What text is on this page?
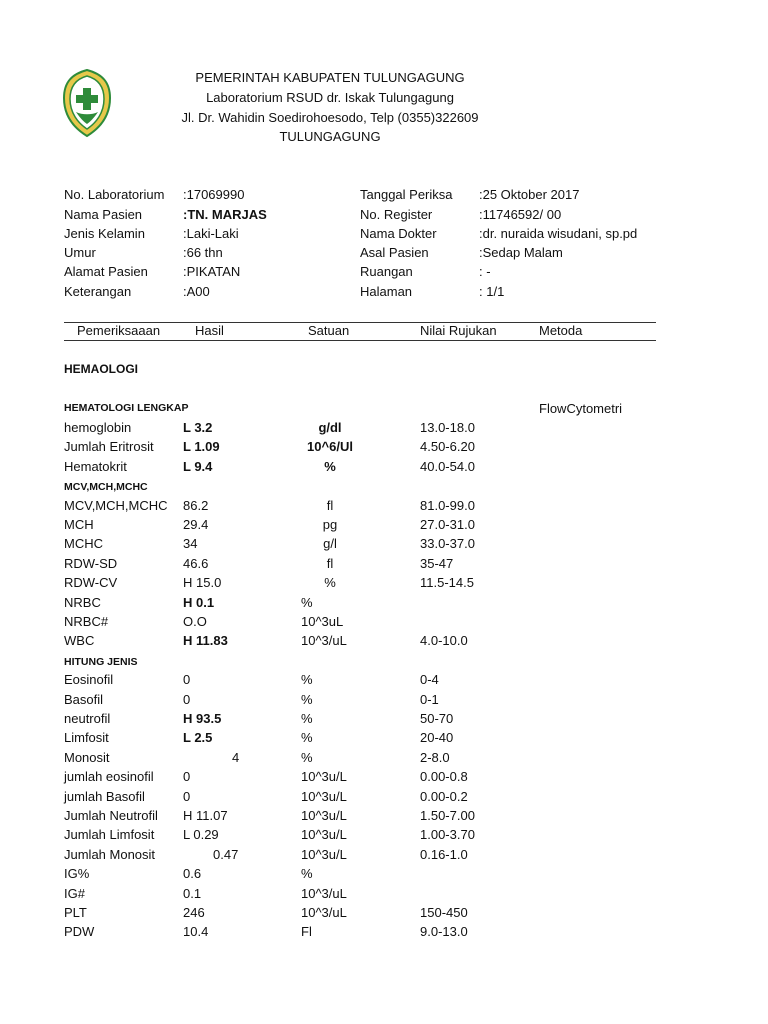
PEMERINTAH KABUPATEN TULUNGAGUNG
Laboratorium RSUD dr. Iskak Tulungagung
Jl. Dr. Wahidin Soedirohoesodo, Telp (0355)322609
TULUNGAGUNG
No. Laboratorium :17069990
Nama Pasien	:TN. MARJAS
Jenis Kelamin	:Laki-Laki
Umur	:66 thn
Alamat Pasien	:PIKATAN
Keterangan	:A00
Tanggal Periksa :25 Oktober 2017
No. Register	:11746592/ 00
Nama Dokter	:dr. nuraida wisudani, sp.pd
Asal Pasien	:Sedap Malam
Ruangan	: -
Halaman	: 1/1
Pemeriksaaan	Hasil	Satuan	Nilai Rujukan	Metoda
HEMAOLOGI
HEMATOLOGI LENGKAP	FlowCytometri
hemoglobin	L 3.2	g/dl	13.0-18.0
Jumlah Eritrosit L 1.09	10^6/Ul	4.50-6.20
Hematokrit	L 9.4	%	40.0-54.0
MCV,MCH,MCHC
MCV,MCH,MCHC 86.2	fl	81.0-99.0
MCH	29.4	pg	27.0-31.0
MCHC	34	g/l	33.0-37.0
RDW-SD	46.6	fl	35-47
RDW-CV	H 15.0	%	11.5-14.5
NRBC	H 0.1	%
NRBC#	O.O	10^3uL
WBC	H 11.83	10^3/uL	4.0-10.0
HITUNG JENIS
Eosinofil	0	%	0-4
Basofil	0	%	0-1
neutrofil	H 93.5	%	50-70
Limfosit	L 2.5	%	20-40
Monosit	4	%	2-8.0
jumlah eosinofil 0	10^3u/L	0.00-0.8
jumlah Basofil	0	10^3u/L	0.00-0.2
Jumlah Neutrofil H 11.07	10^3u/L	1.50-7.00
Jumlah Limfosit L 0.29	10^3u/L	1.00-3.70
Jumlah Monosit	0.47	10^3u/L	0.16-1.0
IG%	0.6	%
IG#	0.1	10^3/uL
PLT	246	10^3/uL	150-450
PDW	10.4	Fl	9.0-13.0
